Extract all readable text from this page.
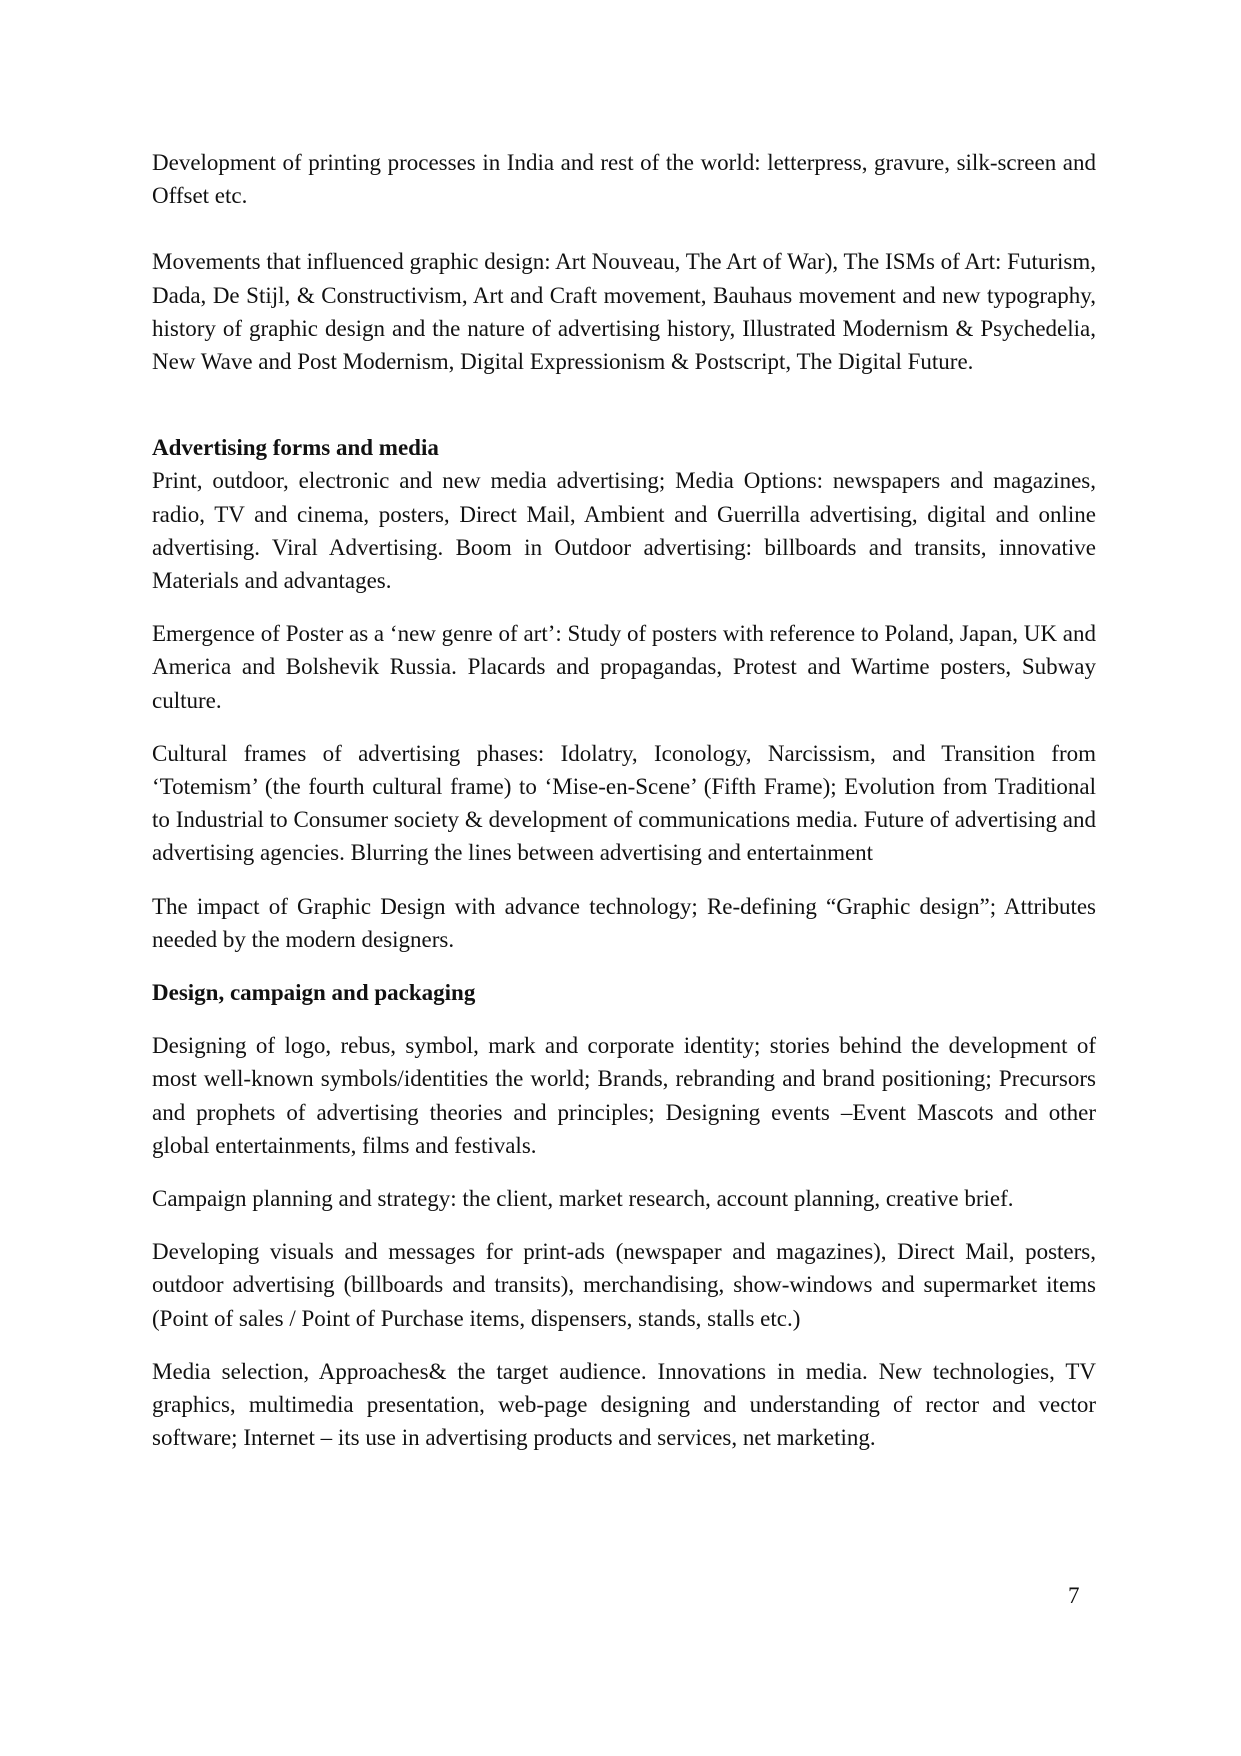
Development of printing processes in India and rest of the world: letterpress, gravure, silk-screen and Offset etc.

Movements that influenced graphic design: Art Nouveau, The Art of War), The ISMs of Art: Futurism, Dada, De Stijl, & Constructivism, Art and Craft movement, Bauhaus movement and new typography, history of graphic design and the nature of advertising history, Illustrated Modernism & Psychedelia, New Wave and Post Modernism, Digital Expressionism & Postscript, The Digital Future.

Advertising forms and media

Print, outdoor, electronic and new media advertising; Media Options: newspapers and magazines, radio, TV and cinema, posters, Direct Mail, Ambient and Guerrilla advertising, digital and online advertising. Viral Advertising. Boom in Outdoor advertising: billboards and transits, innovative Materials and advantages.

Emergence of Poster as a ‘new genre of art’: Study of posters with reference to Poland, Japan, UK and America and Bolshevik Russia. Placards and propagandas, Protest and Wartime posters, Subway culture.

Cultural frames of advertising phases: Idolatry, Iconology, Narcissism, and Transition from ‘Totemism’ (the fourth cultural frame) to ‘Mise-en-Scene’ (Fifth Frame); Evolution from Traditional to Industrial to Consumer society & development of communications media. Future of advertising and advertising agencies. Blurring the lines between advertising and entertainment

The impact of Graphic Design with advance technology; Re-defining “Graphic design”; Attributes needed by the modern designers.

Design, campaign and packaging

Designing of logo, rebus, symbol, mark and corporate identity; stories behind the development of most well-known symbols/identities the world; Brands, rebranding and brand positioning; Precursors and prophets of advertising theories and principles; Designing events –Event Mascots and other global entertainments, films and festivals.

Campaign planning and strategy: the client, market research, account planning, creative brief.

Developing visuals and messages for print-ads (newspaper and magazines), Direct Mail, posters, outdoor advertising (billboards and transits), merchandising, show-windows and supermarket items (Point of sales / Point of Purchase items, dispensers, stands, stalls etc.)

Media selection, Approaches& the target audience. Innovations in media. New technologies, TV graphics, multimedia presentation, web-page designing and understanding of rector and vector software; Internet – its use in advertising products and services, net marketing.

7
